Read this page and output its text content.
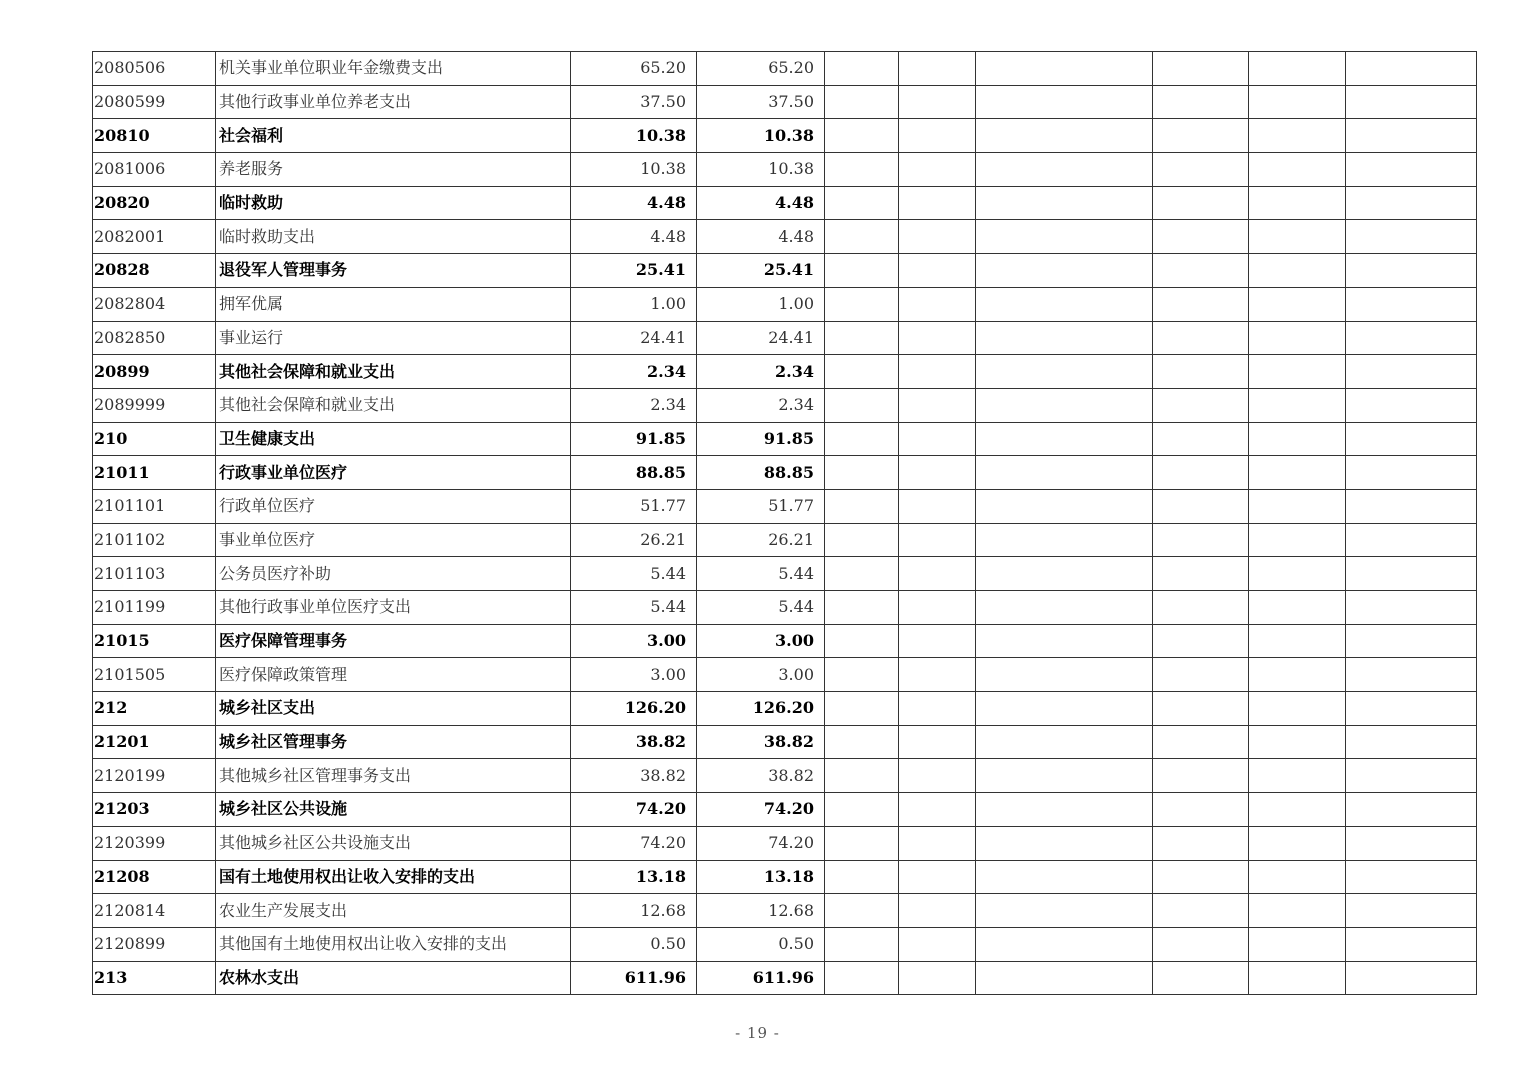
2080506	机关事业单位职业年金缴费支出	65.20	65.20						
2080599	其他行政事业单位养老支出	37.50	37.50						
20810	社会福利	10.38	10.38						
2081006	养老服务	10.38	10.38						
20820	临时救助	4.48	4.48						
2082001	临时救助支出	4.48	4.48						
20828	退役军人管理事务	25.41	25.41						
2082804	拥军优属	1.00	1.00						
2082850	事业运行	24.41	24.41						
20899	其他社会保障和就业支出	2.34	2.34						
2089999	其他社会保障和就业支出	2.34	2.34						
210	卫生健康支出	91.85	91.85						
21011	行政事业单位医疗	88.85	88.85						
2101101	行政单位医疗	51.77	51.77						
2101102	事业单位医疗	26.21	26.21						
2101103	公务员医疗补助	5.44	5.44						
2101199	其他行政事业单位医疗支出	5.44	5.44						
21015	医疗保障管理事务	3.00	3.00						
2101505	医疗保障政策管理	3.00	3.00						
212	城乡社区支出	126.20	126.20						
21201	城乡社区管理事务	38.82	38.82						
2120199	其他城乡社区管理事务支出	38.82	38.82						
21203	城乡社区公共设施	74.20	74.20						
2120399	其他城乡社区公共设施支出	74.20	74.20						
21208	国有土地使用权出让收入安排的支出	13.18	13.18						
2120814	农业生产发展支出	12.68	12.68						
2120899	其他国有土地使用权出让收入安排的支出	0.50	0.50						
213	农林水支出	611.96	611.96						
- 19 -
